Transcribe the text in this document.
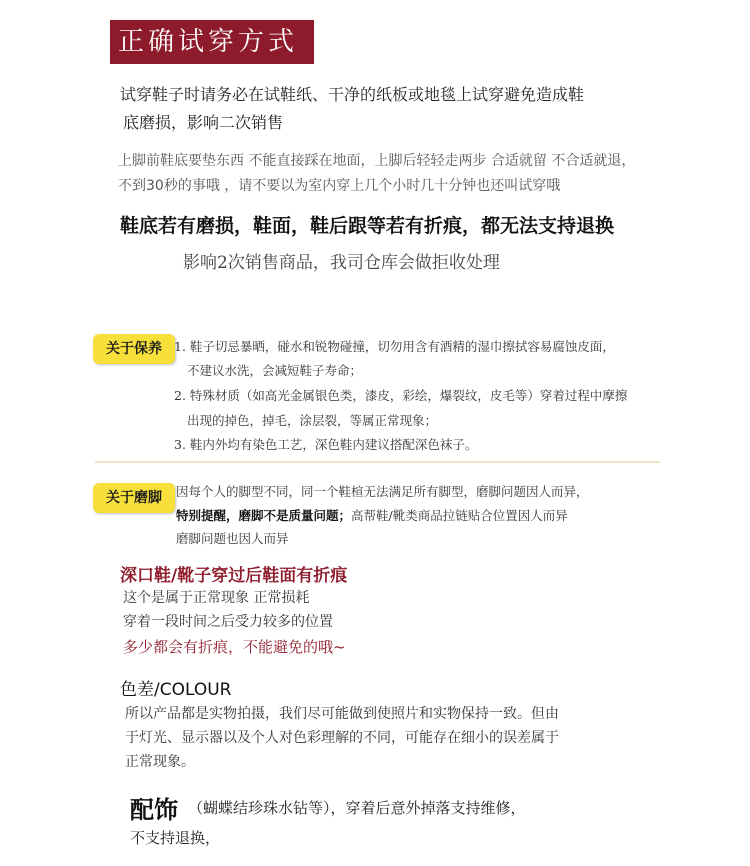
正确试穿方式
试穿鞋子时请务必在试鞋纸、干净的纸板或地毯上试穿避免造成鞋
底磨损，影响二次销售
上脚前鞋底要垫东西 不能直接踩在地面，上脚后轻轻走两步 合适就留 不合适就退，
不到30秒的事哦 ，请不要以为室内穿上几个小时几十分钟也还叫试穿哦
鞋底若有磨损，鞋面，鞋后跟等若有折痕，都无法支持退换
影响2次销售商品，我司仓库会做拒收处理
关于保养 1. 鞋子切忌暴晒，碰水和锐物碰撞，切勿用含有酒精的湿巾擦拭容易腐蚀皮面，
不建议水洗，会减短鞋子寿命；
2. 特殊材质（如高光金属银色类，漆皮，彩绘，爆裂纹，皮毛等）穿着过程中摩擦
出现的掉色，掉毛，涂层裂，等属正常现象；
3. 鞋内外均有染色工艺，深色鞋内建议搭配深色袜子。
关于磨脚	因每个人的脚型不同，同一个鞋楦无法满足所有脚型，磨脚问题因人而异，
特别提醒，磨脚不是质量问题；高帮鞋/靴类商品拉链贴合位置因人而异
磨脚问题也因人而异
深口鞋/靴子穿过后鞋面有折痕
这个是属于正常现象 正常损耗
穿着一段时间之后受力较多的位置
多少都会有折痕，不能避免的哦~
色差/COLOUR
所以产品都是实物拍摄，我们尽可能做到使照片和实物保持一致。但由
于灯光、显示器以及个人对色彩理解的不同，可能存在细小的误差属于
正常现象。
配饰 （蝴蝶结珍珠水钻等），穿着后意外掉落支持维修，
不支持退换，
